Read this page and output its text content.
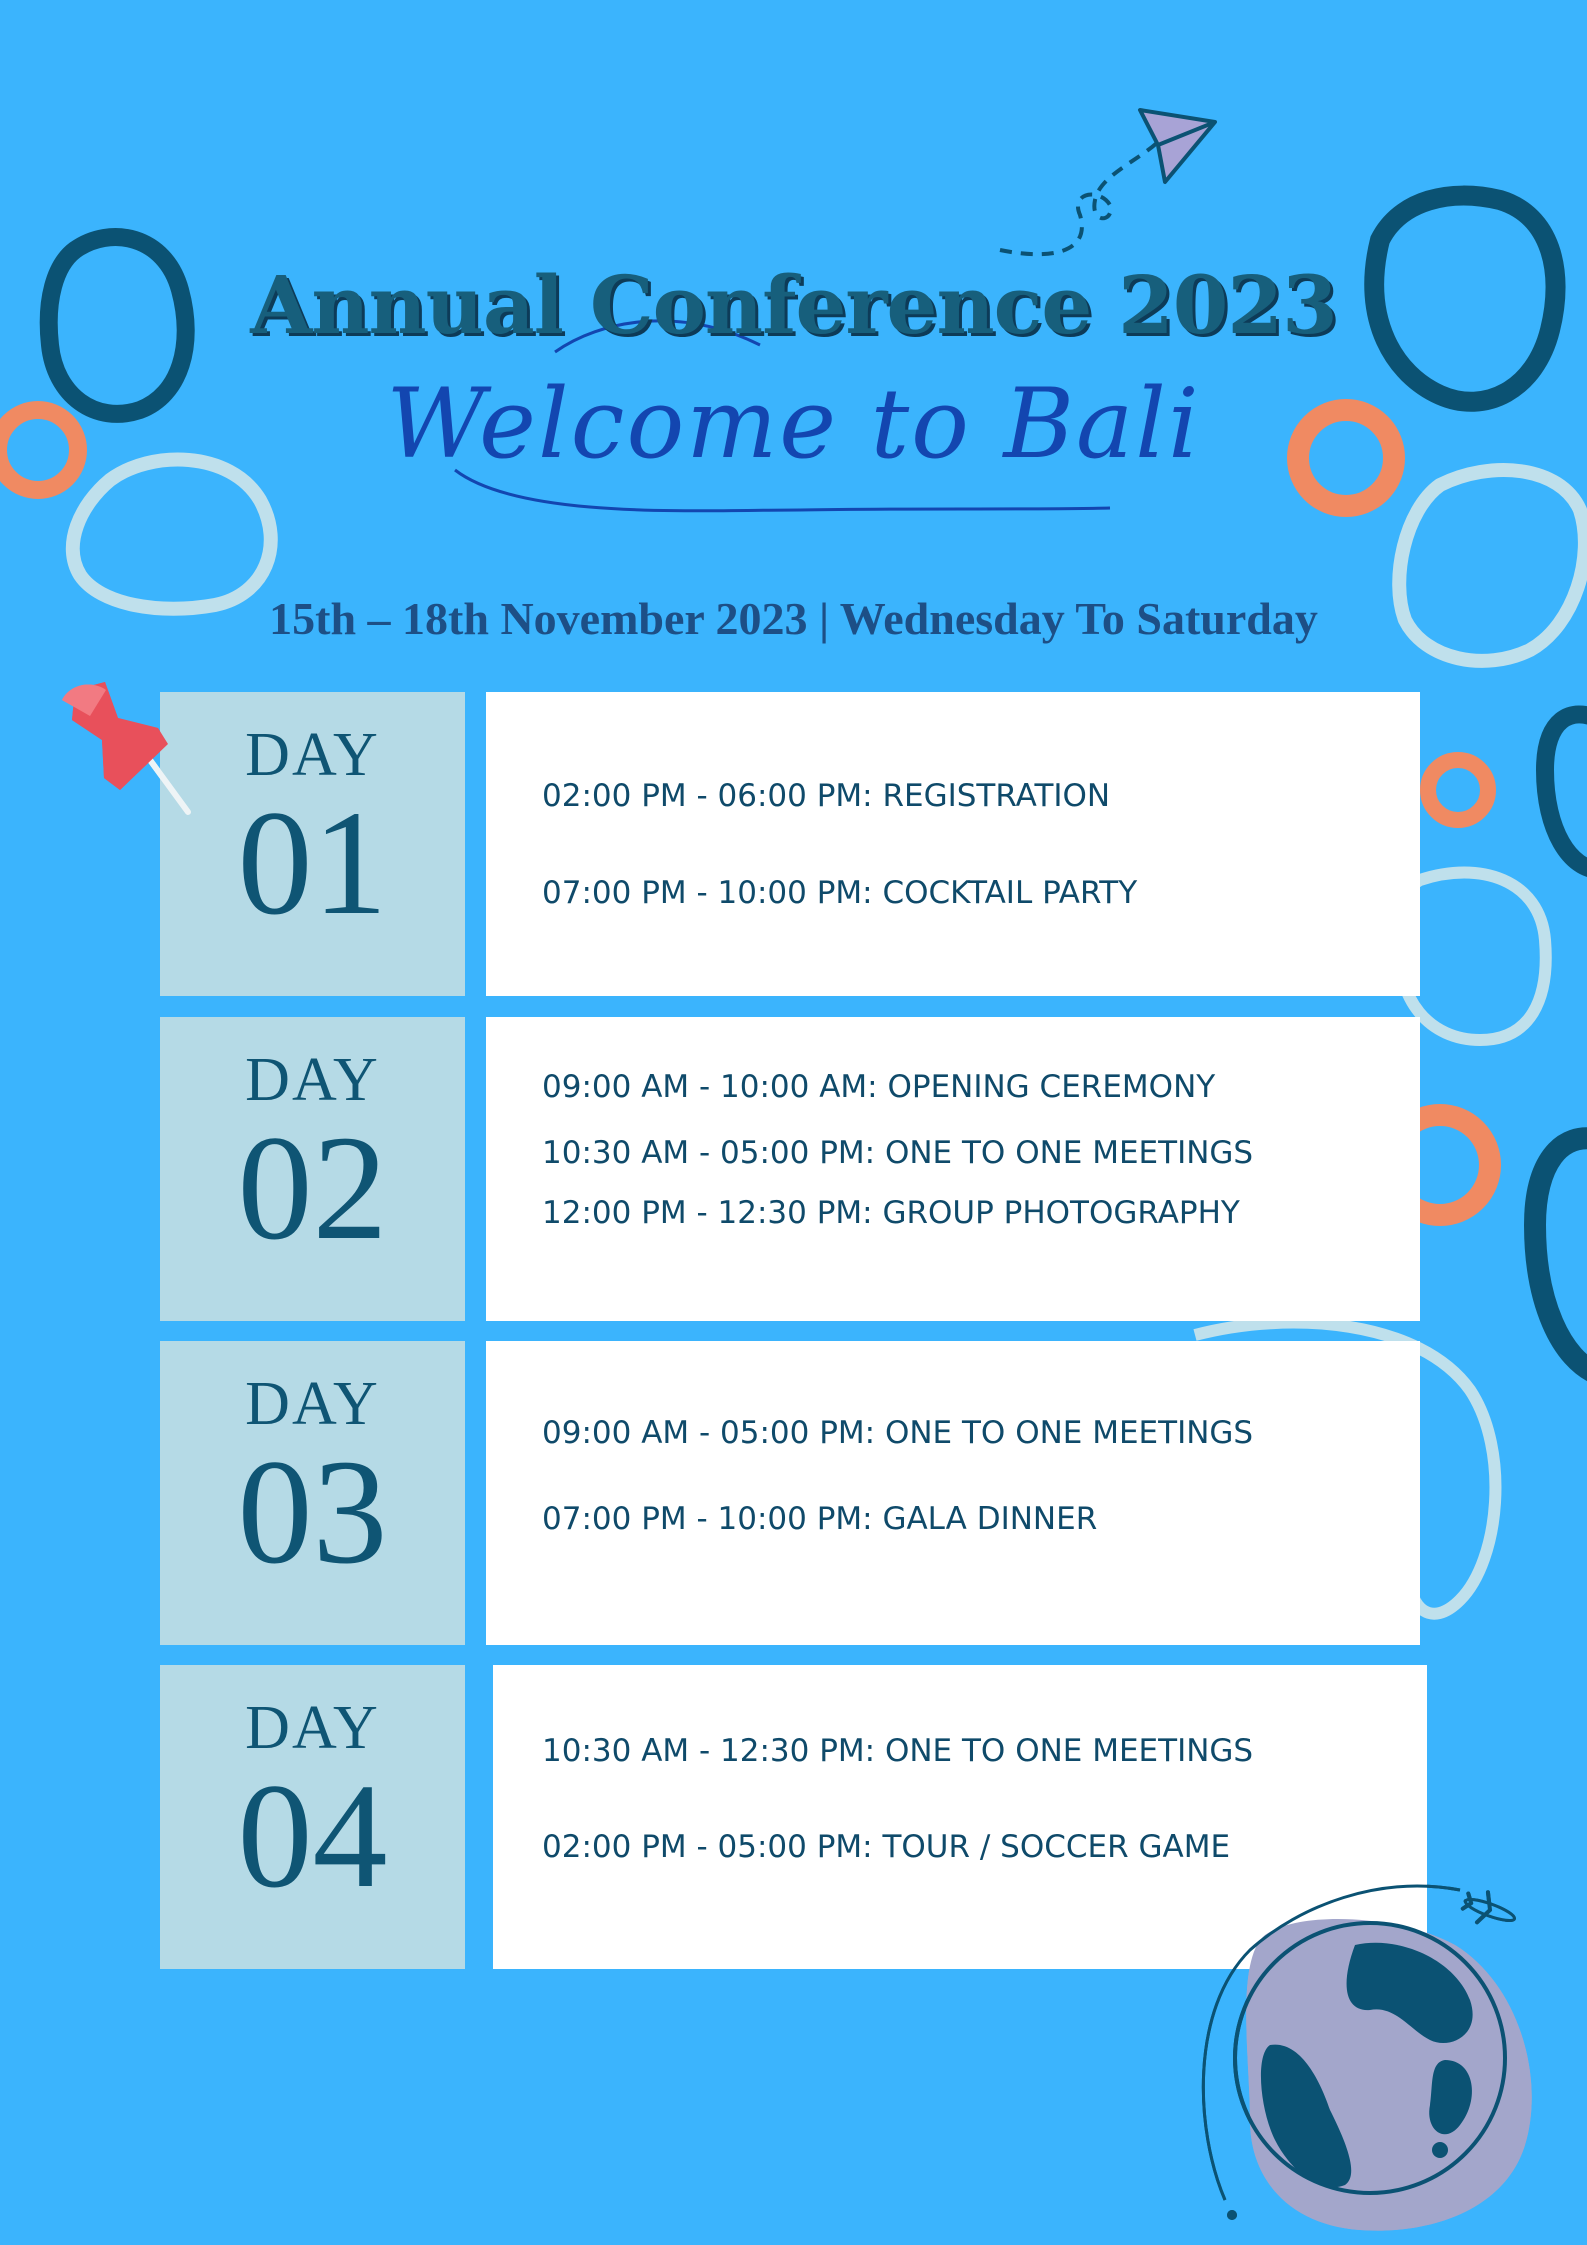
Annual Conference 2023
Welcome to Bali
15th – 18th November 2023 | Wednesday To Saturday
DAY
01	02:00 PM - 06:00 PM: REGISTRATION
07:00 PM - 10:00 PM: COCKTAIL PARTY
DAY
02
09:00 AM - 10:00 AM: OPENING CEREMONY
10:30 AM - 05:00 PM: ONE TO ONE MEETINGS
12:00 PM - 12:30 PM: GROUP PHOTOGRAPHY
DAY
03	09:00 AM - 05:00 PM: ONE TO ONE MEETINGS
07:00 PM - 10:00 PM: GALA DINNER
DAY
04
10:30 AM - 12:30 PM: ONE TO ONE MEETINGS
02:00 PM - 05:00 PM: TOUR / SOCCER GAME
